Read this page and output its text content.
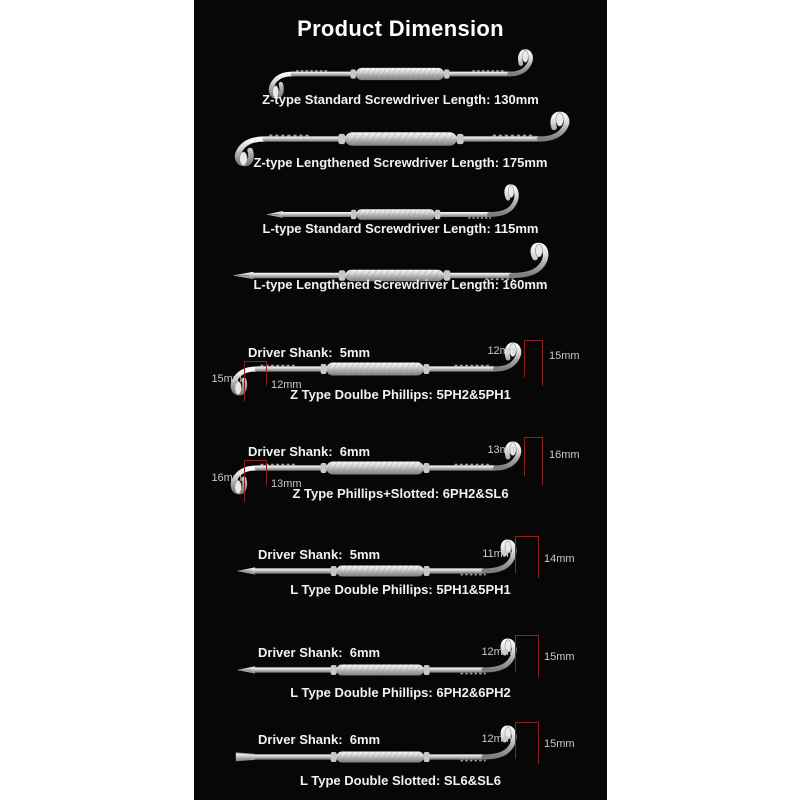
Product Dimension
Z-type Standard Screwdriver Length: 130mm
Z-type Lengthened Screwdriver Length: 175mm
L-type Standard Screwdriver Length: 115mm
L-type Lengthened Screwdriver Length: 160mm
Driver Shank:  5mm	12mm	15mm
15mm	12mm
Z Type Doulbe Phillips: 5PH2&5PH1
Driver Shank:  6mm	13mm	16mm
16mm	13mm
Z Type Phillips+Slotted: 6PH2&SL6
Driver Shank:  5mm	11mm	14mm
L Type Double Phillips: 5PH1&5PH1
Driver Shank:  6mm	12mm	15mm
L Type Double Phillips: 6PH2&6PH2
Driver Shank:  6mm	12mm	15mm
L Type Double Slotted: SL6&SL6
